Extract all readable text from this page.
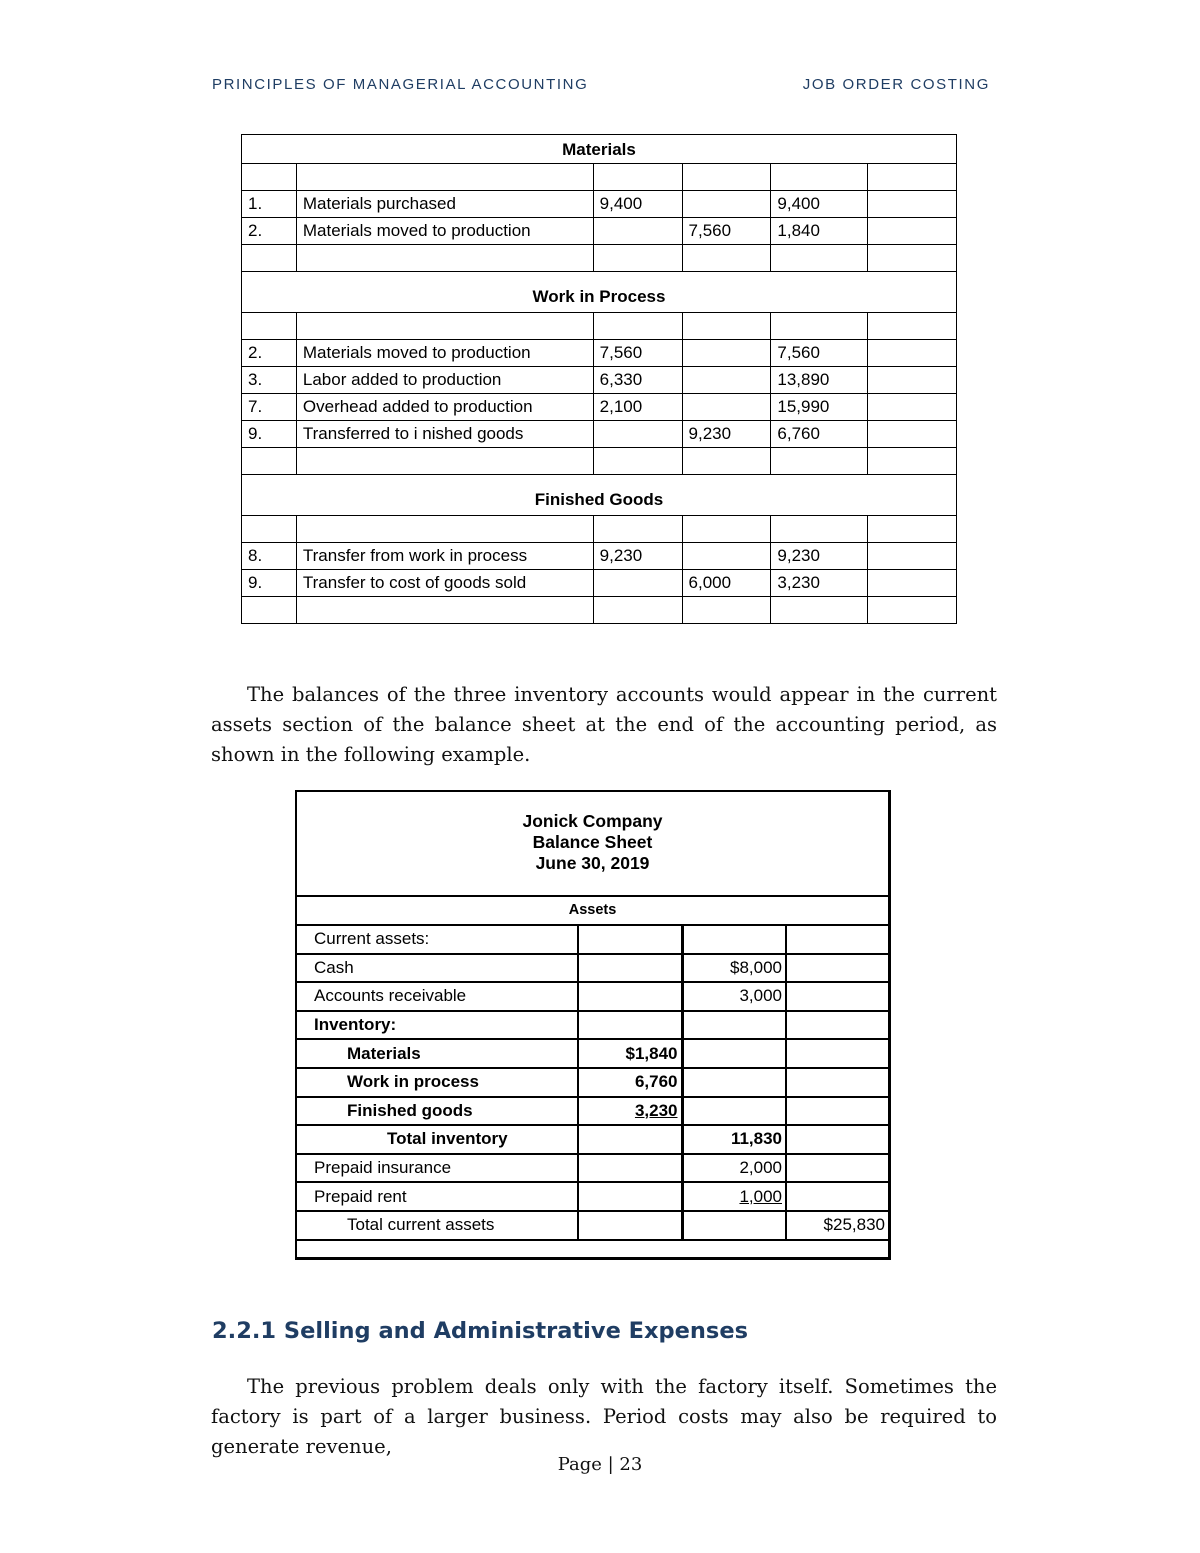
PRINCIPLES OF MANAGERIAL ACCOUNTING	JOB ORDER COSTING
Materials					

1.	Materials purchased	9,400		9,400	
2.	Materials moved to production		7,560	1,840	

Work in Process					

2.	Materials moved to production	7,560		7,560	
3.	Labor added to production	6,330		13,890	
7.	Overhead added to production	2,100		15,990	
9.	Transferred to i nished goods		9,230	6,760	

Finished Goods					

8.	Transfer from work in process	9,230		9,230	
9.	Transfer to cost of goods sold		6,000	3,230	

The balances of the three inventory accounts would appear in the current assets section of the balance sheet at the end of the accounting period, as shown in the following example.
Jonick Company
Balance Sheet
June 30, 2019
Assets
Current assets:			
Cash		$8,000	
Accounts receivable		3,000	
Inventory:			
Materials	$1,840		
Work in process	6,760		
Finished goods	3,230		
Total inventory		11,830	
Prepaid insurance		2,000	
Prepaid rent		1,000	
Total current assets			$25,830

2.2.1 Selling and Administrative Expenses
The previous problem deals only with the factory itself. Sometimes the factory is part of a larger business. Period costs may also be required to generate revenue,
Page | 23
